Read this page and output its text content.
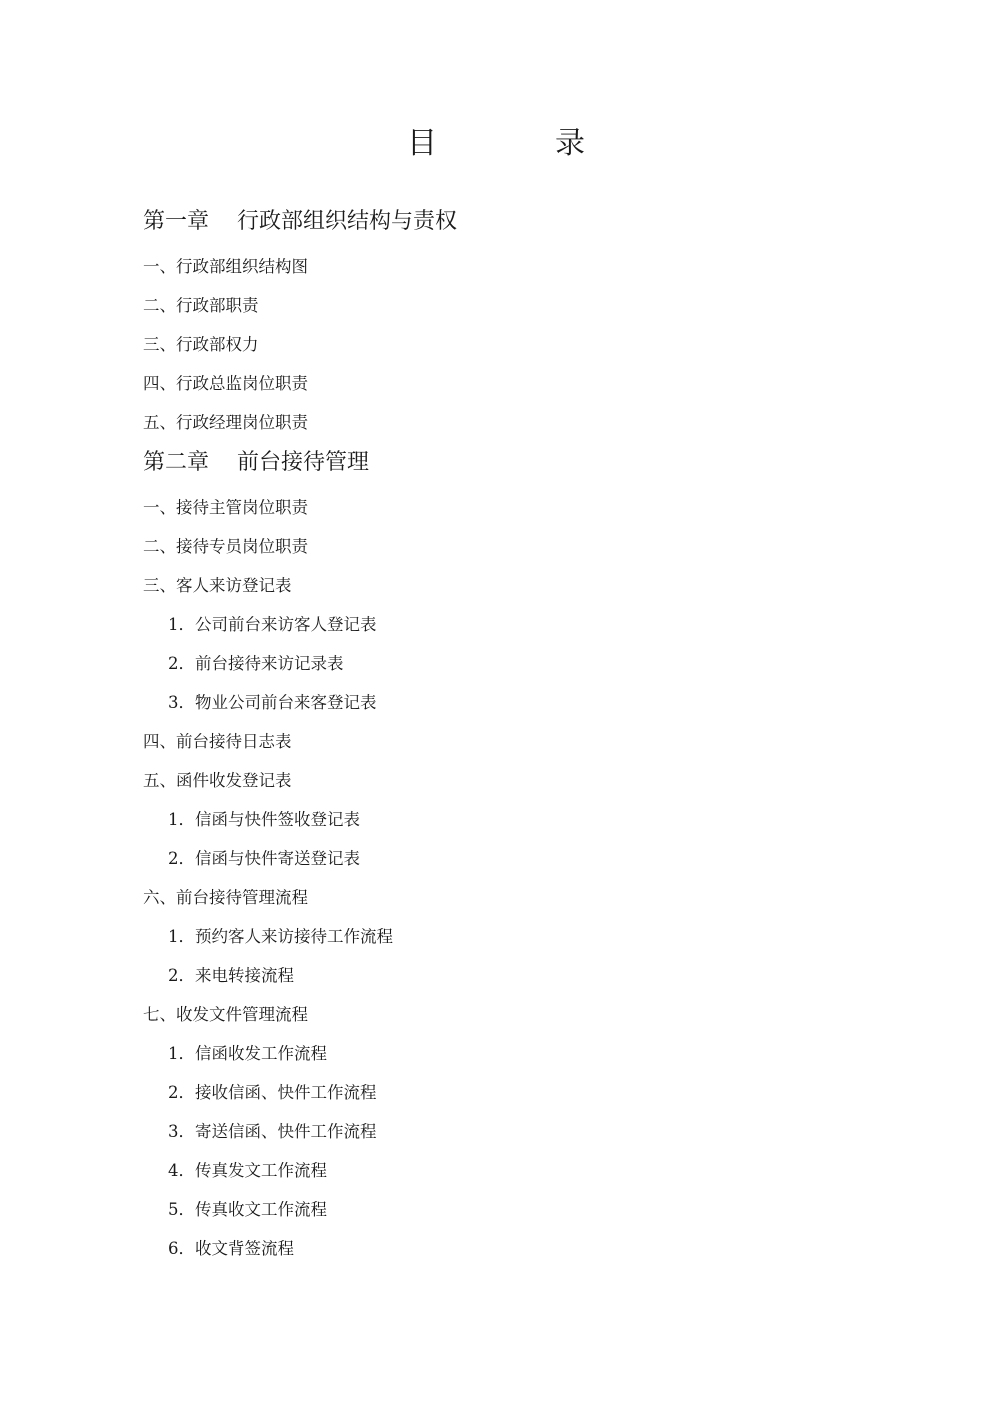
目　录
第一章 行政部组织结构与责权
一、行政部组织结构图
二、行政部职责
三、行政部权力
四、行政总监岗位职责
五、行政经理岗位职责
第二章 前台接待管理
一、接待主管岗位职责
二、接待专员岗位职责
三、客人来访登记表
1．公司前台来访客人登记表
2．前台接待来访记录表
3．物业公司前台来客登记表
四、前台接待日志表
五、函件收发登记表
1．信函与快件签收登记表
2．信函与快件寄送登记表
六、前台接待管理流程
1．预约客人来访接待工作流程
2．来电转接流程
七、收发文件管理流程
1．信函收发工作流程
2．接收信函、快件工作流程
3．寄送信函、快件工作流程
4．传真发文工作流程
5．传真收文工作流程
6．收文背签流程
